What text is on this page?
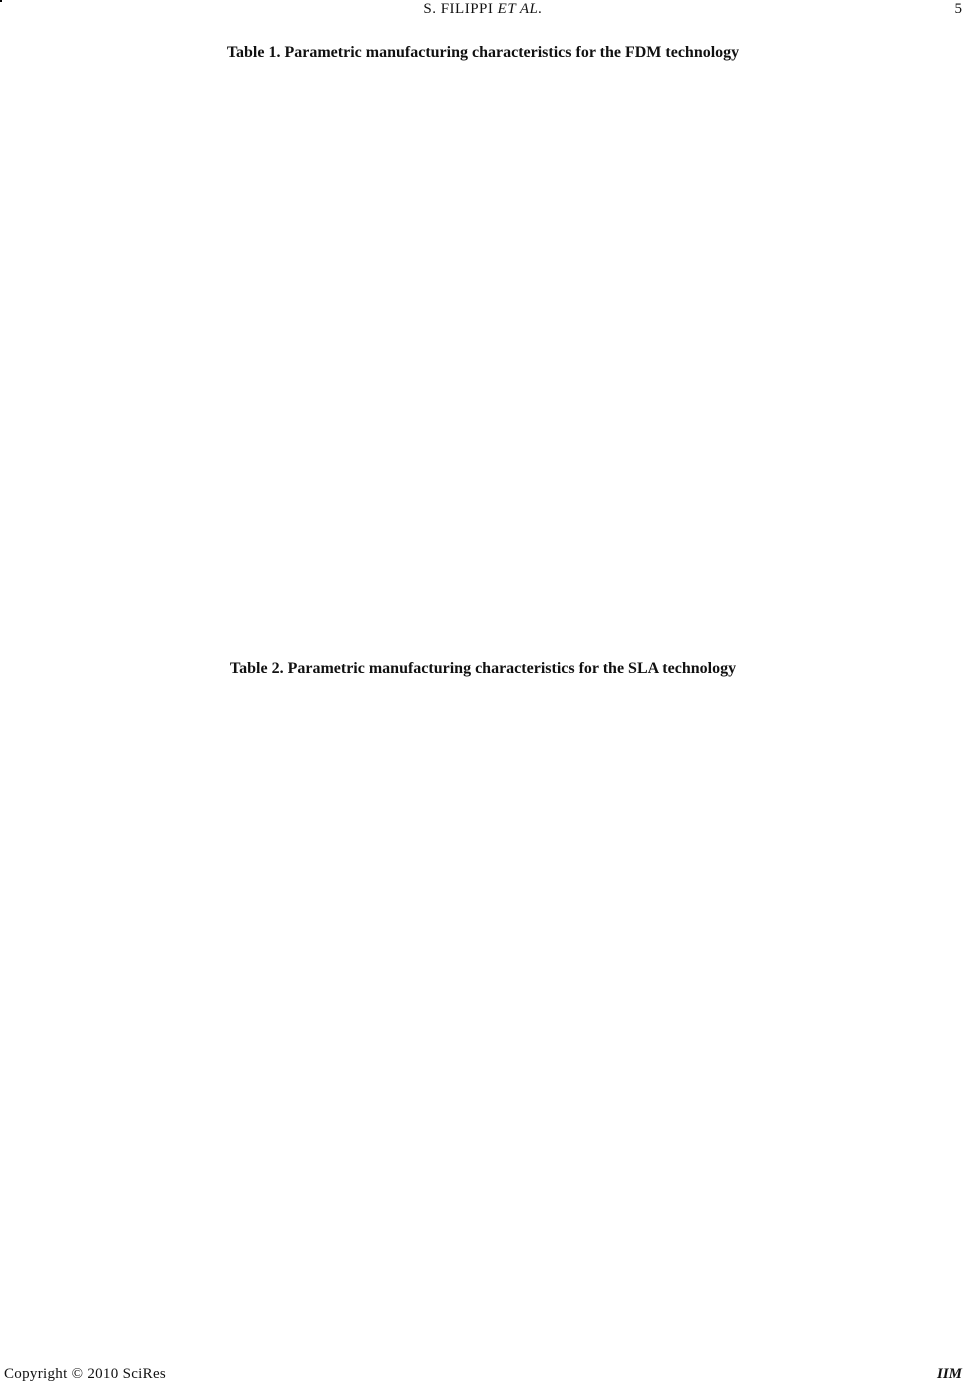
S. FILIPPI ET AL.	5
Table 1. Parametric manufacturing characteristics for the FDM technology
Table 2. Parametric manufacturing characteristics for the SLA technology
Copyright © 2010 SciRes	IIM
